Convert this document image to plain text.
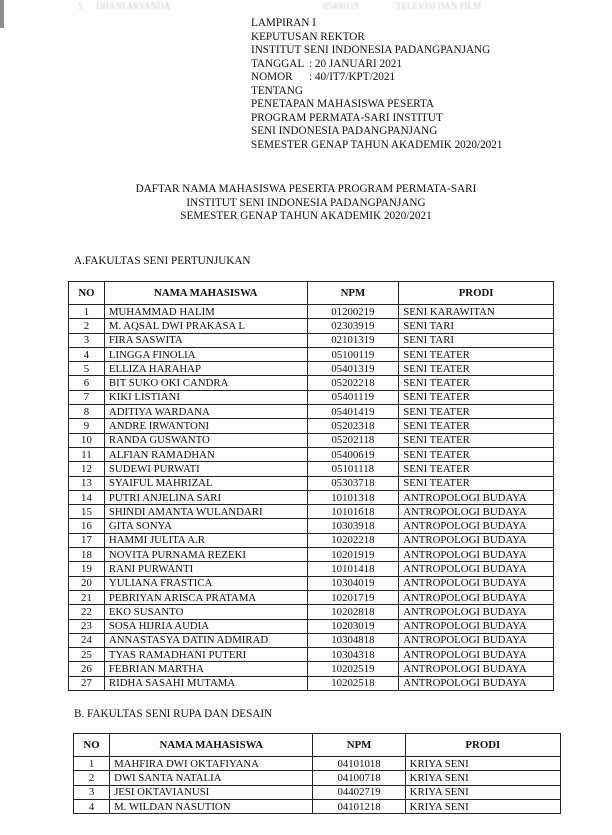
5 DHANI ARYANDA	05400119	TELEVISI DAN FILM
LAMPIRAN I
KEPUTUSAN REKTOR
INSTITUT SENI INDONESIA PADANGPANJANG
TANGGAL : 20 JANUARI 2021
NOMOR : 40/IT7/KPT/2021
TENTANG
PENETAPAN MAHASISWA PESERTA
PROGRAM PERMATA-SARI INSTITUT
SENI INDONESIA PADANGPANJANG
SEMESTER GENAP TAHUN AKADEMIK 2020/2021
DAFTAR NAMA MAHASISWA PESERTA PROGRAM PERMATA-SARI
INSTITUT SENI INDONESIA PADANGPANJANG
SEMESTER GENAP TAHUN AKADEMIK 2020/2021
A.FAKULTAS SENI PERTUNJUKAN
NO	NAMA MAHASISWA	NPM	PRODI
1	MUHAMMAD HALIM	01200219	SENI KARAWITAN
2	M. AQSAL DWI PRAKASA L	02303919	SENI TARI
3	FIRA SASWITA	02101319	SENI TARI
4	LINGGA FINOLIA	05100119	SENI TEATER
5	ELLIZA HARAHAP	05401319	SENI TEATER
6	BIT SUKO OKI CANDRA	05202218	SENI TEATER
7	KIKI LISTIANI	05401119	SENI TEATER
8	ADITIYA WARDANA	05401419	SENI TEATER
9	ANDRE IRWANTONI	05202318	SENI TEATER
10	RANDA GUSWANTO	05202118	SENI TEATER
11	ALFIAN RAMADHAN	05400619	SENI TEATER
12	SUDEWI PURWATI	05101118	SENI TEATER
13	SYAIFUL MAHRIZAL	05303718	SENI TEATER
14	PUTRI ANJELINA SARI	10101318	ANTROPOLOGI BUDAYA
15	SHINDI AMANTA WULANDARI	10101618	ANTROPOLOGI BUDAYA
16	GITA SONYA	10303918	ANTROPOLOGI BUDAYA
17	HAMMI JULITA A.R	10202218	ANTROPOLOGI BUDAYA
18	NOVITA PURNAMA REZEKI	10201919	ANTROPOLOGI BUDAYA
19	RANI PURWANTI	10101418	ANTROPOLOGI BUDAYA
20	YULIANA FRASTICA	10304019	ANTROPOLOGI BUDAYA
21	PEBRIYAN ARISCA PRATAMA	10201719	ANTROPOLOGI BUDAYA
22	EKO SUSANTO	10202818	ANTROPOLOGI BUDAYA
23	SOSA HIJRIA AUDIA	10203019	ANTROPOLOGI BUDAYA
24	ANNASTASYA DATIN ADMIRAD	10304818	ANTROPOLOGI BUDAYA
25	TYAS RAMADHANI PUTERI	10304318	ANTROPOLOGI BUDAYA
26	FEBRIAN MARTHA	10202519	ANTROPOLOGI BUDAYA
27	RIDHA SASAHI MUTAMA	10202518	ANTROPOLOGI BUDAYA
B. FAKULTAS SENI RUPA DAN DESAIN
NO	NAMA MAHASISWA	NPM	PRODI
1	MAHFIRA DWI OKTAFIYANA	04101018	KRIYA SENI
2	DWI SANTA NATALIA	04100718	KRIYA SENI
3	JESI OKTAVIANUSI	04402719	KRIYA SENI
4	M. WILDAN NASUTION	04101218	KRIYA SENI
